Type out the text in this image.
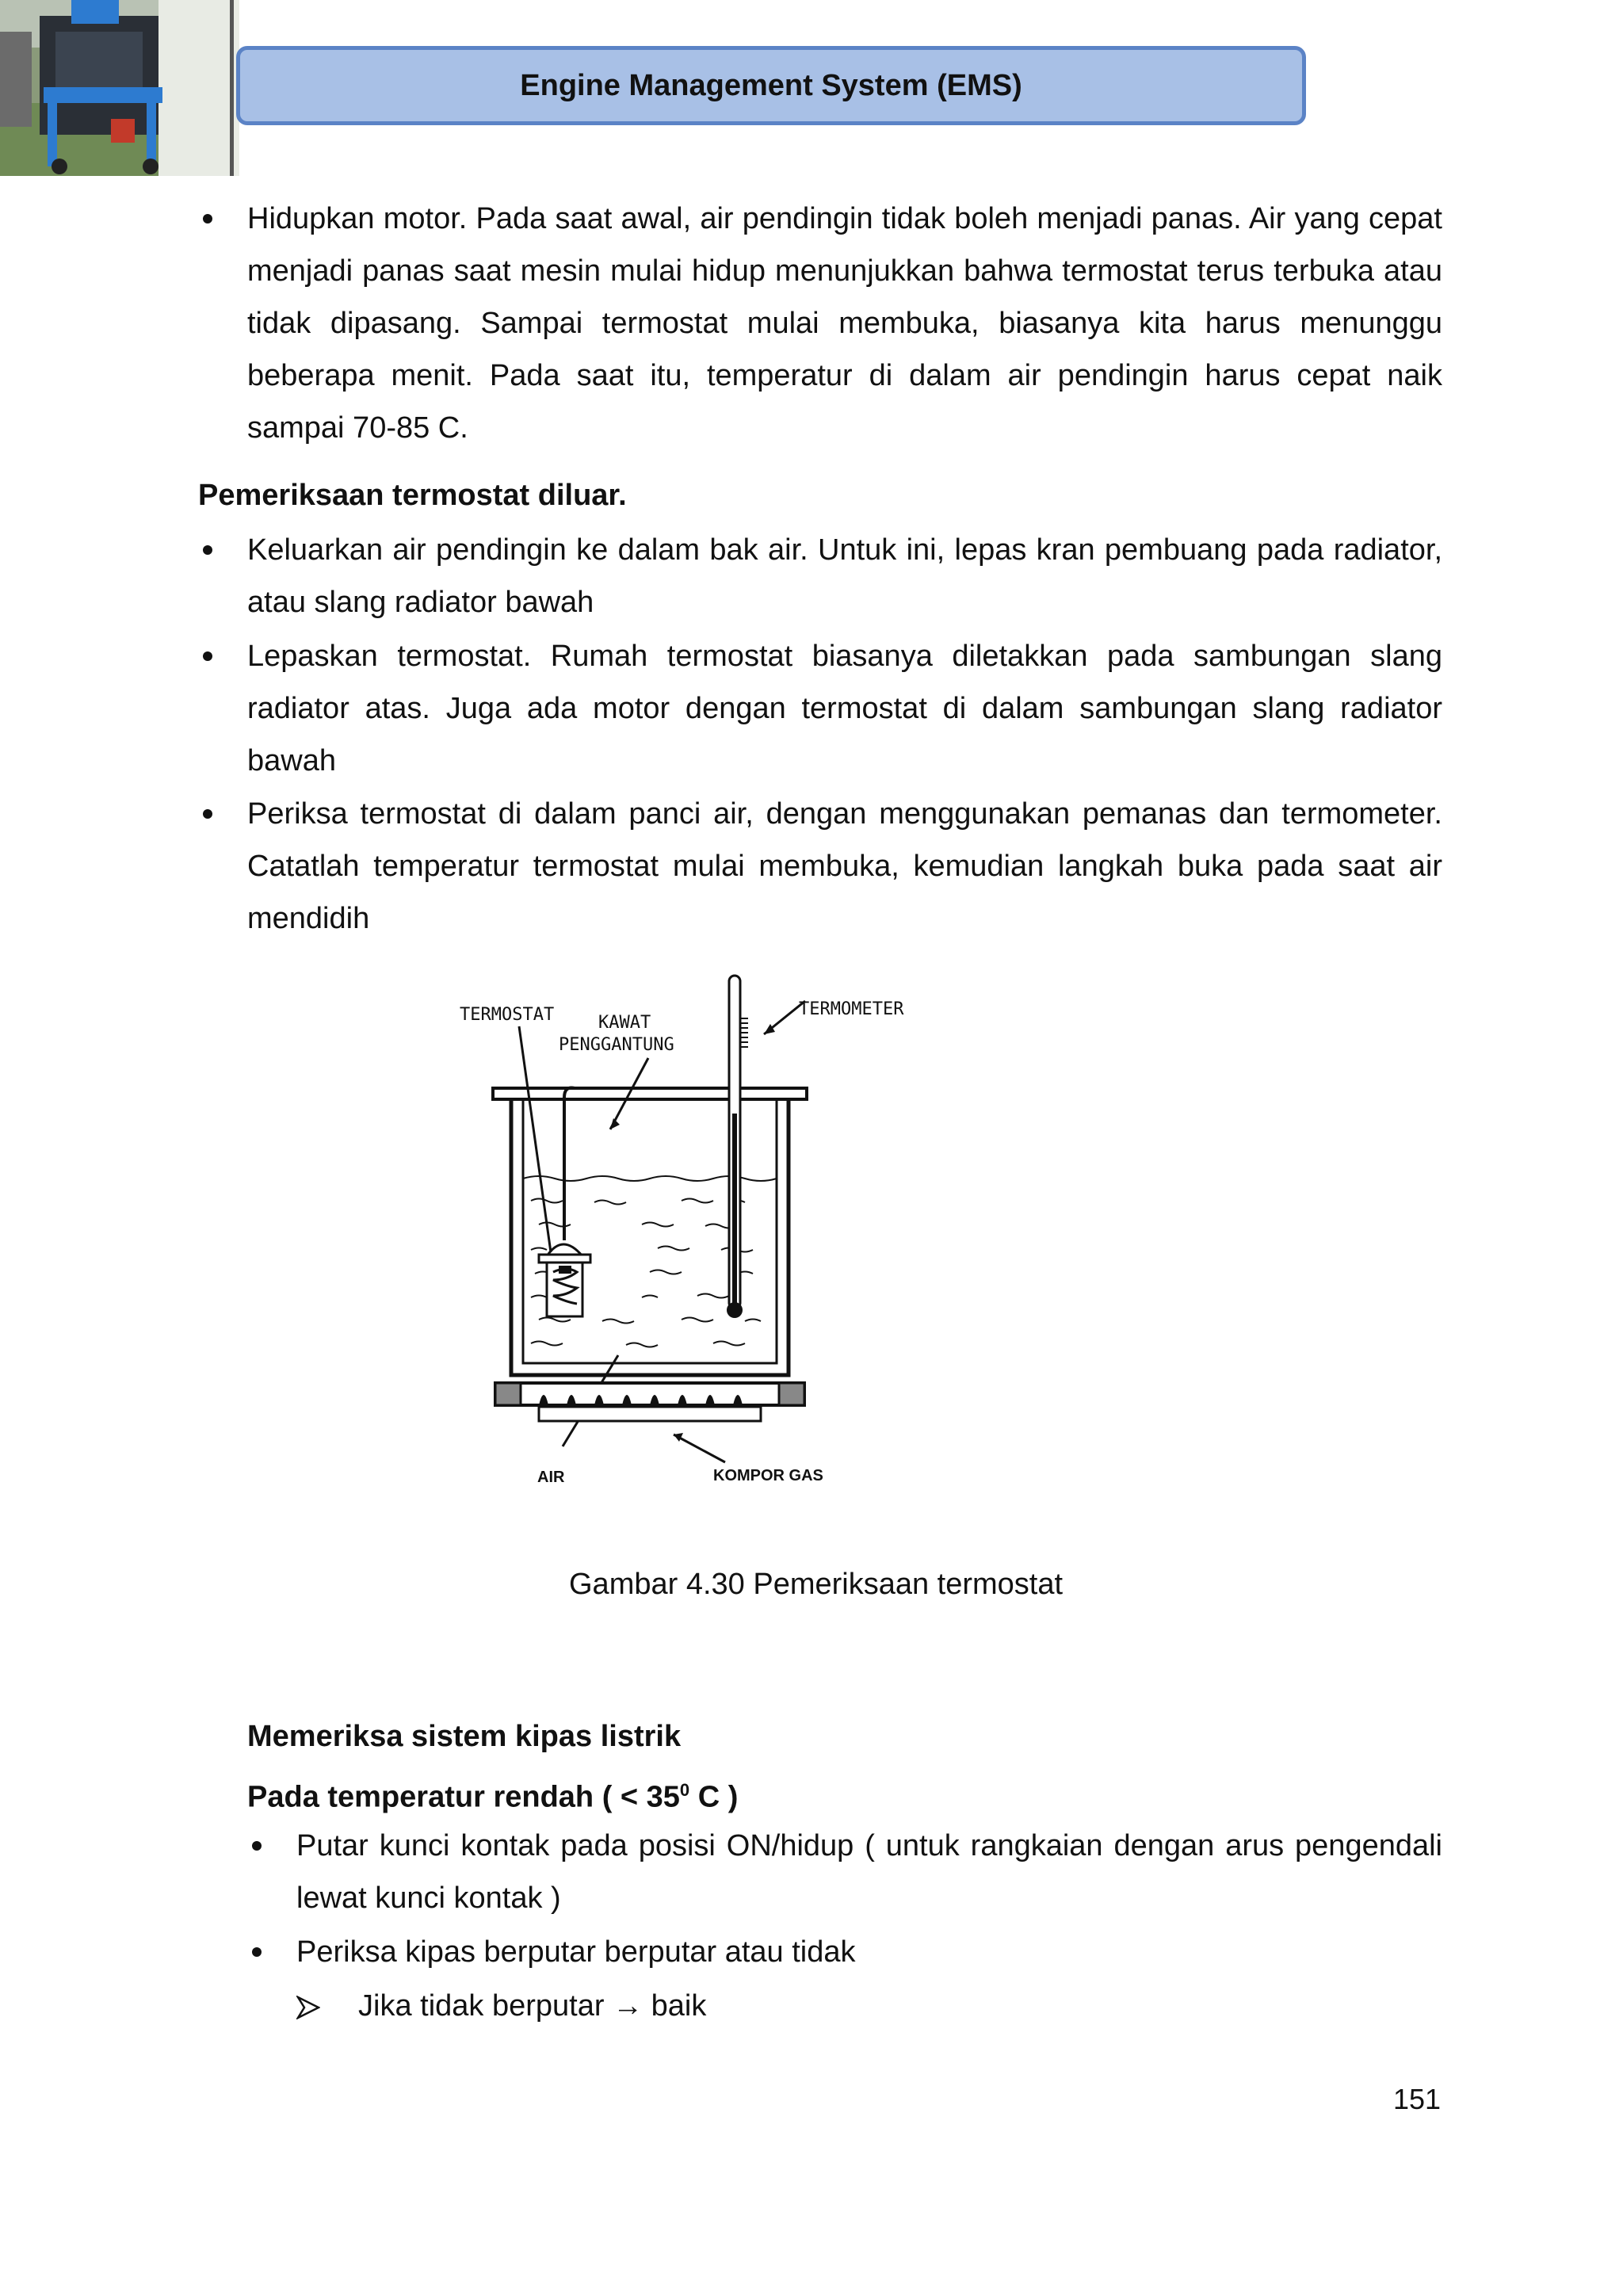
Engine Management System (EMS)

Hidupkan motor. Pada saat awal, air pendingin tidak boleh menjadi panas. Air yang cepat menjadi panas saat mesin mulai hidup menunjukkan bahwa termostat terus terbuka atau tidak dipasang. Sampai termostat mulai membuka, biasanya kita harus menunggu beberapa menit. Pada saat itu, temperatur di dalam air pendingin harus cepat naik sampai 70-85 C.

Pemeriksaan termostat diluar.

Keluarkan air pendingin ke dalam bak air. Untuk ini, lepas kran pembuang pada radiator, atau slang radiator bawah

Lepaskan termostat. Rumah termostat biasanya diletakkan pada sambungan slang radiator atas. Juga ada motor dengan termostat di dalam sambungan slang radiator bawah

Periksa termostat di dalam panci air, dengan menggunakan pemanas dan termometer. Catatlah temperatur termostat mulai membuka, kemudian langkah buka pada saat air mendidih

TERMOSTAT	KAWAT
PENGGANTUNG
TERMOMETER
AIR	KOMPOR GAS
Gambar 4.30 Pemeriksaan termostat

Memeriksa sistem kipas listrik

Pada temperatur rendah ( < $35^0$ C )

Putar kunci kontak pada posisi ON/hidup ( untuk rangkaian dengan arus pengendali lewat kunci kontak )

Periksa kipas berputar berputar atau tidak

Jika tidak berputar → baik

151
